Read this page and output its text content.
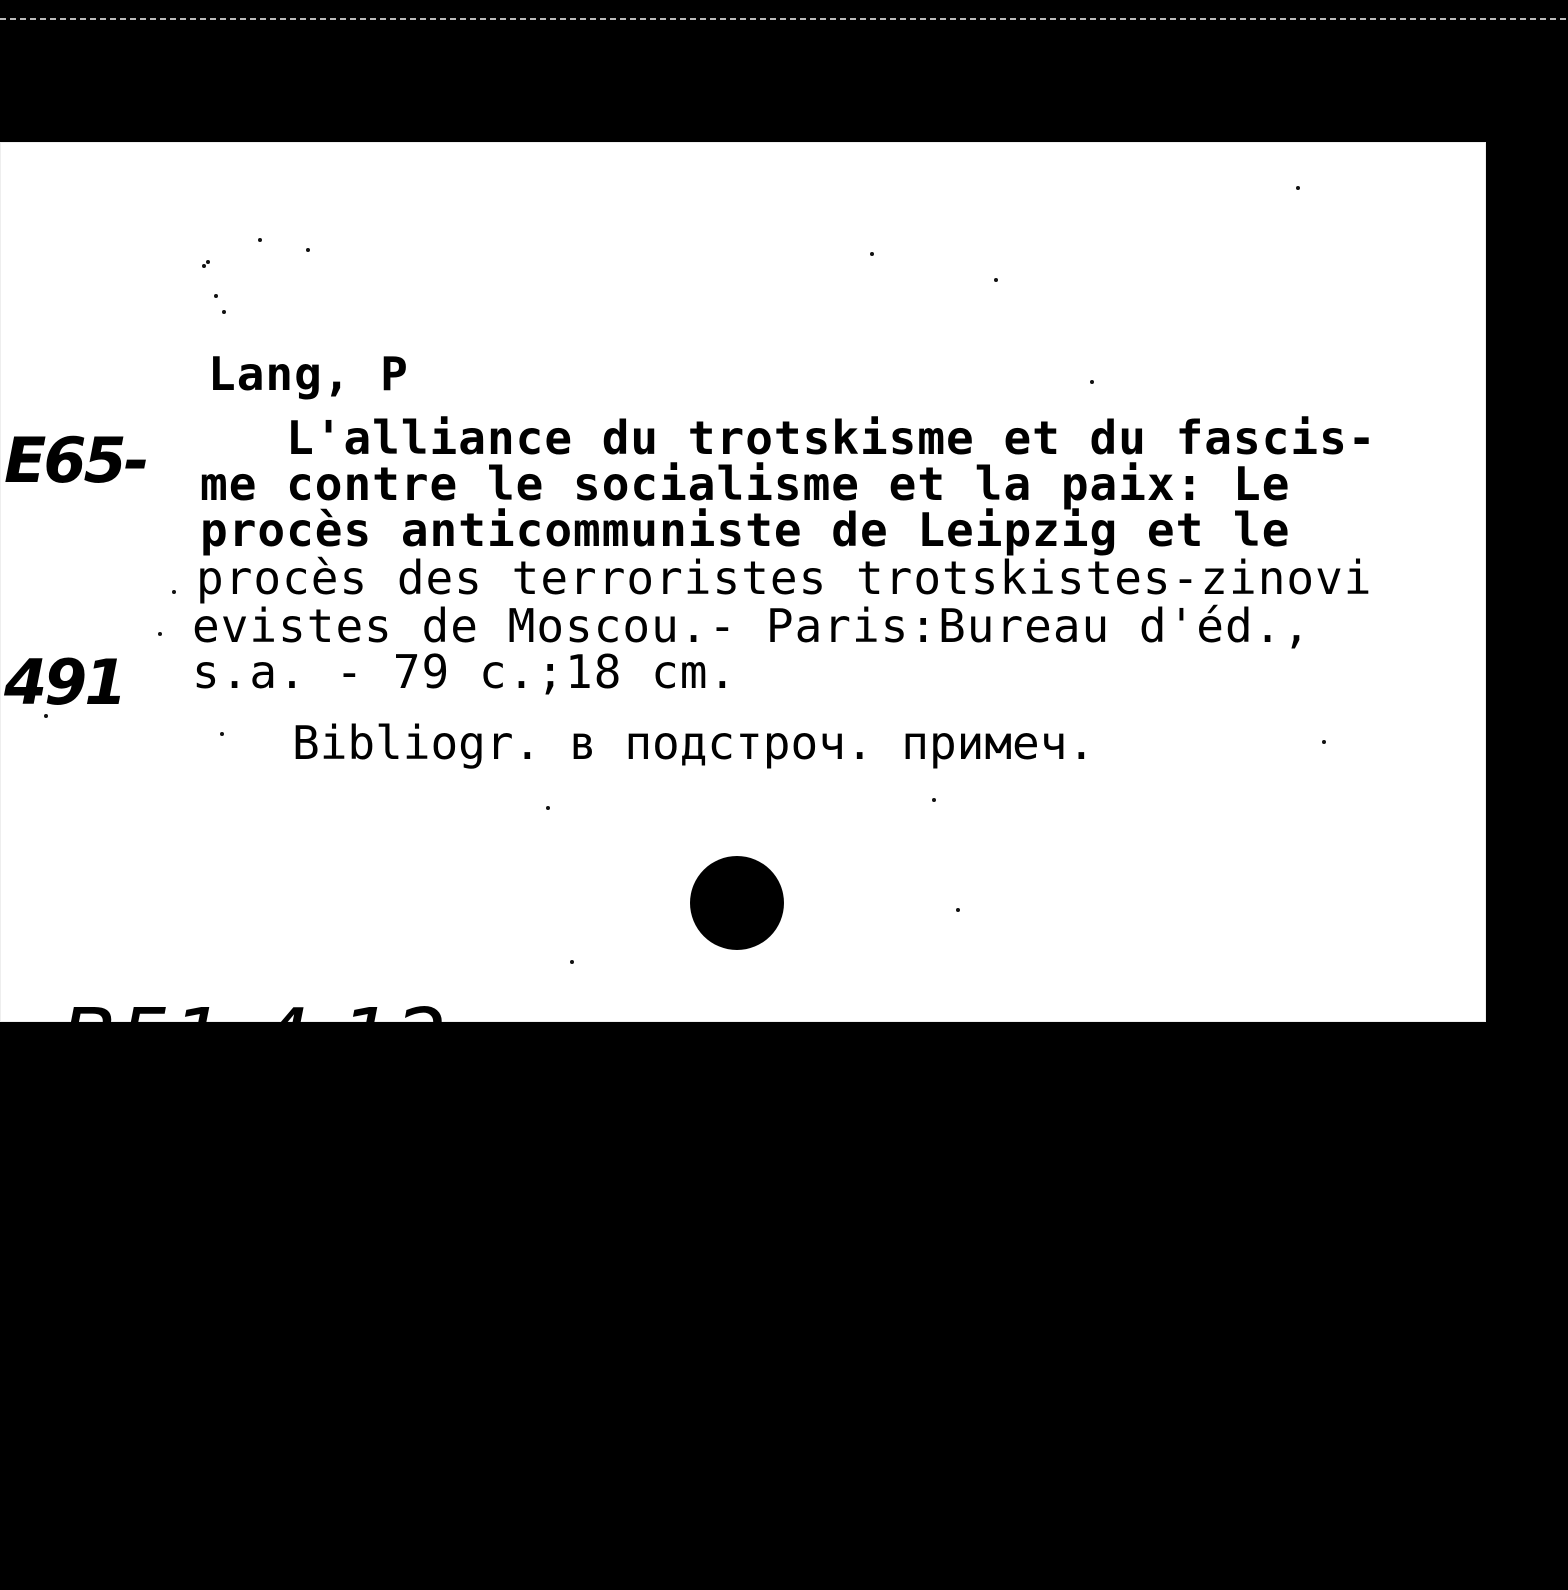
E65-

491

Lang, P
L'alliance du trotskisme et du fascis-
me contre le socialisme et la paix: Le
procès anticommuniste de Leipzig et le
procès des terroristes trotskistes-zinovi
evistes de Moscou.- Paris:Bureau d'éd.,
s.a. - 79 c.;18 cm.
Bibliogr. в подстроч. примеч.

B51-4.12

Г99-82
